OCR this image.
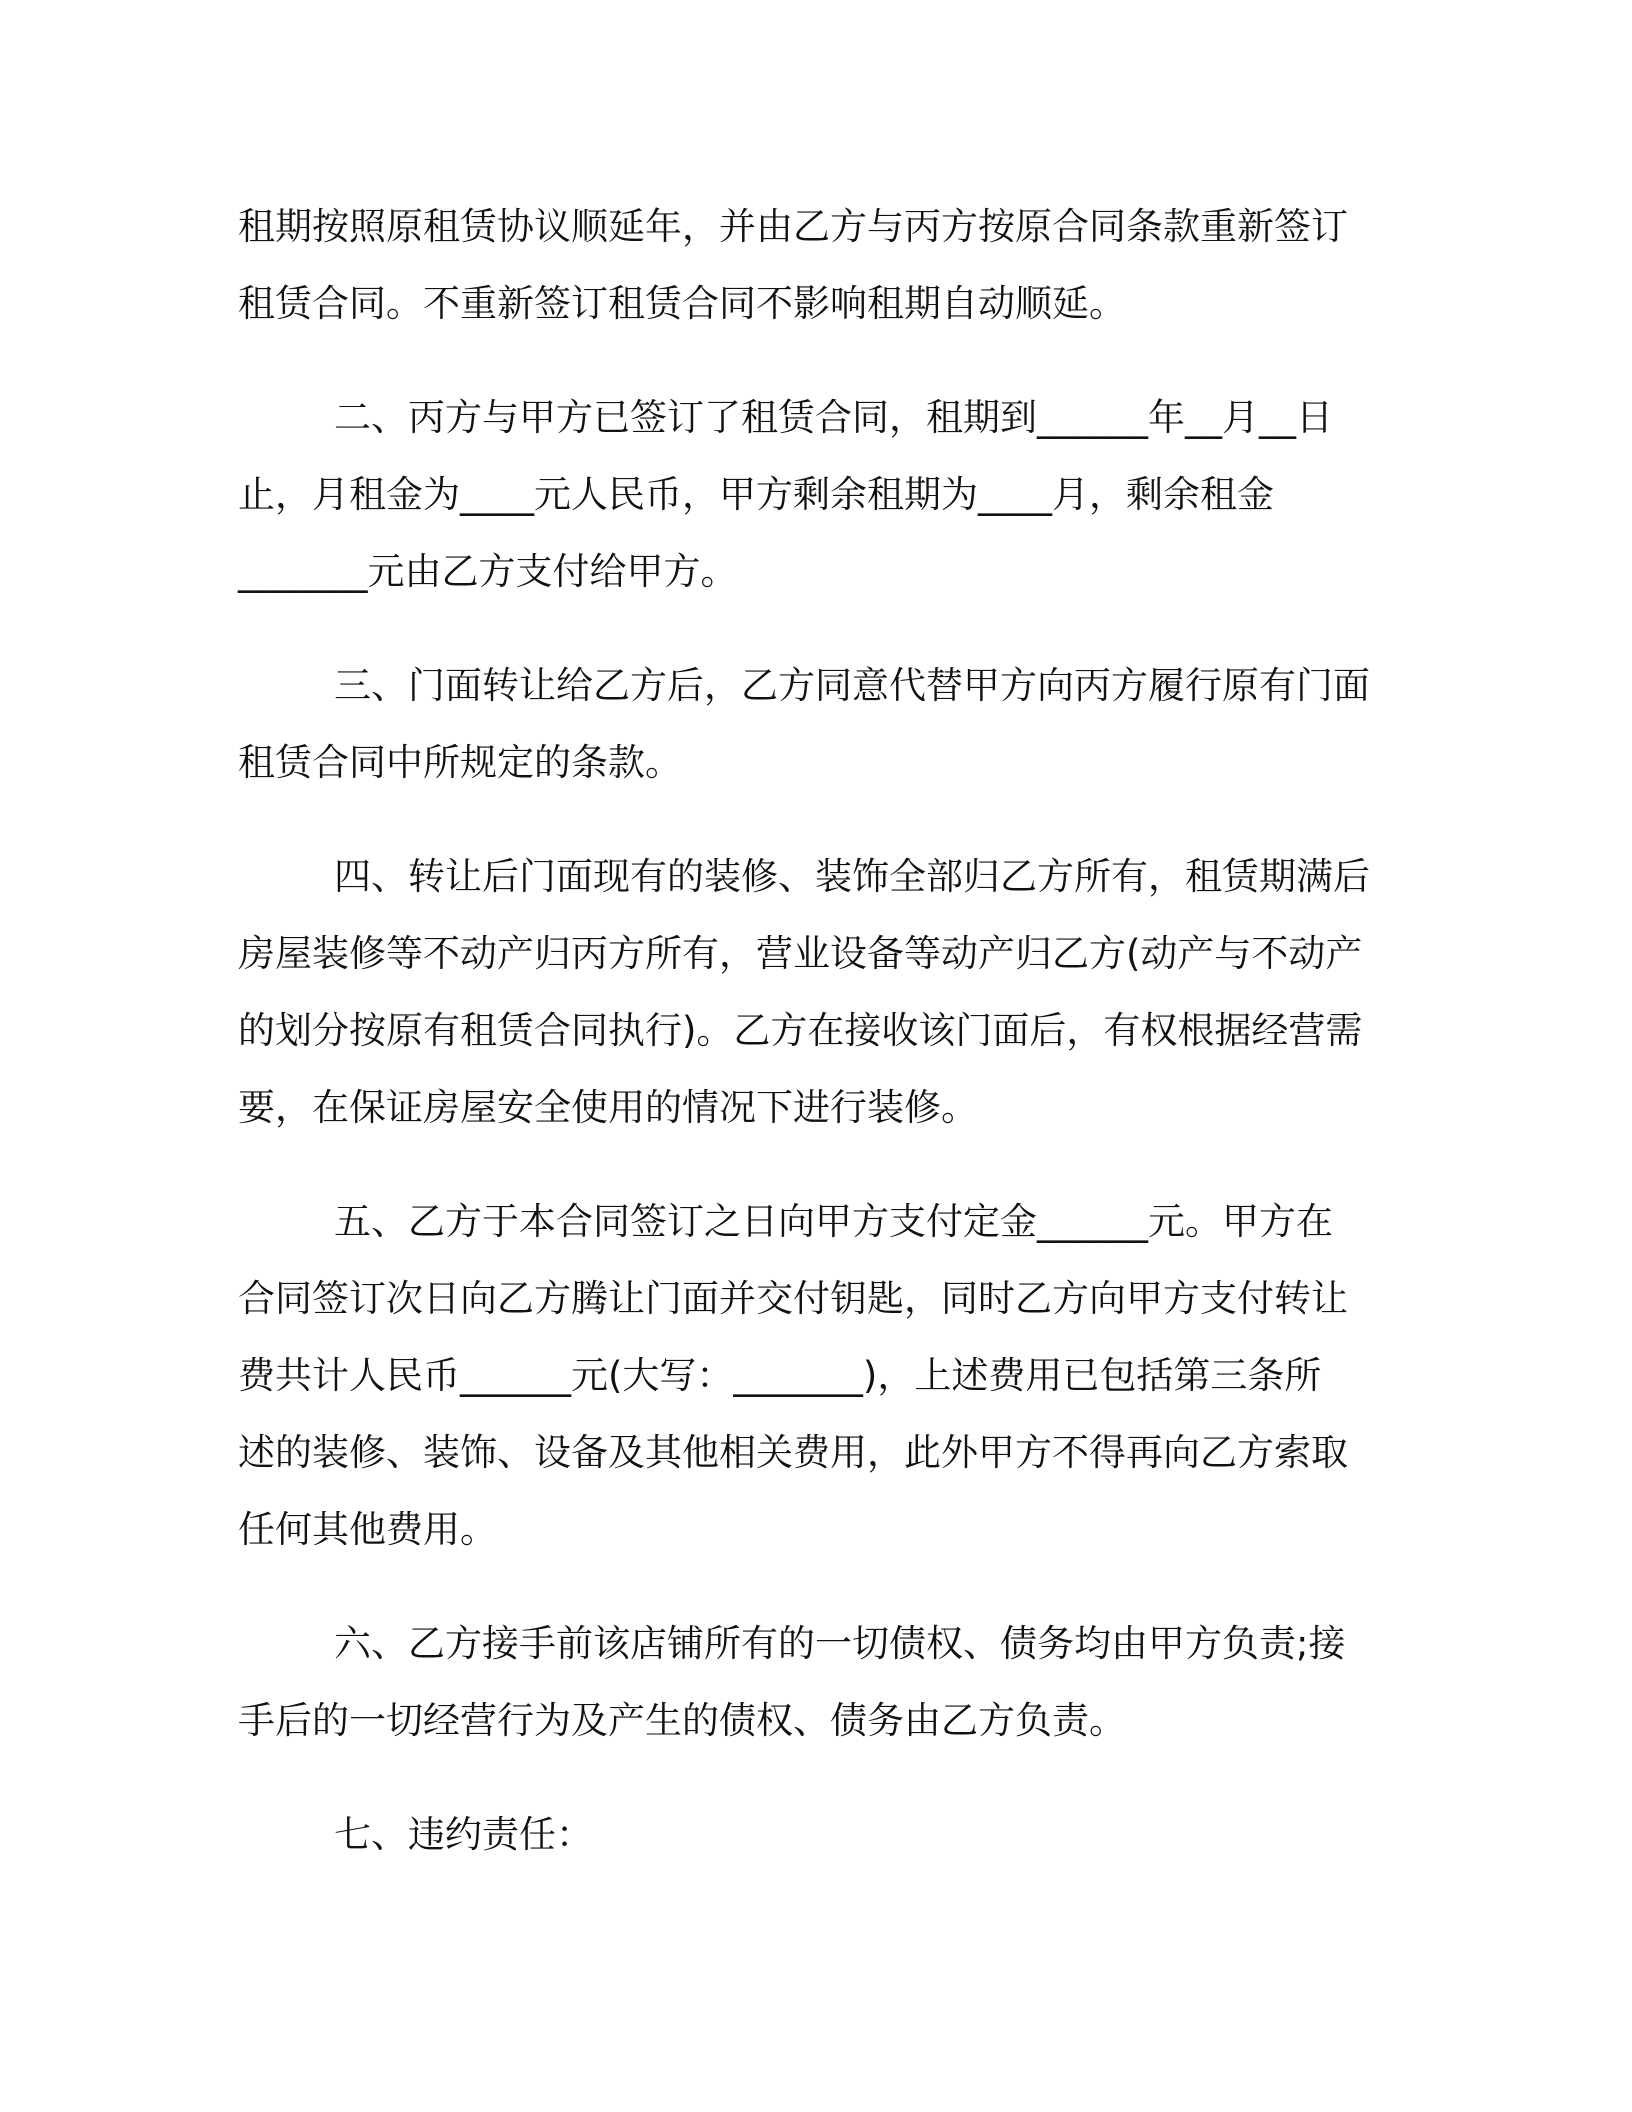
租期按照原租赁协议顺延年，并由乙方与丙方按原合同条款重新签订
租赁合同。不重新签订租赁合同不影响租期自动顺延。
二、丙方与甲方已签订了租赁合同，租期到______年__月__日
止，月租金为____元人民币，甲方剩余租期为____月，剩余租金
_______元由乙方支付给甲方。
三、门面转让给乙方后，乙方同意代替甲方向丙方履行原有门面
租赁合同中所规定的条款。
四、转让后门面现有的装修、装饰全部归乙方所有，租赁期满后
房屋装修等不动产归丙方所有，营业设备等动产归乙方(动产与不动产
的划分按原有租赁合同执行)。乙方在接收该门面后，有权根据经营需
要，在保证房屋安全使用的情况下进行装修。
五、乙方于本合同签订之日向甲方支付定金______元。甲方在
合同签订次日向乙方腾让门面并交付钥匙，同时乙方向甲方支付转让
费共计人民币______元(大写：_______)，上述费用已包括第三条所
述的装修、装饰、设备及其他相关费用，此外甲方不得再向乙方索取
任何其他费用。
六、乙方接手前该店铺所有的一切债权、债务均由甲方负责;接
手后的一切经营行为及产生的债权、债务由乙方负责。
七、违约责任：
